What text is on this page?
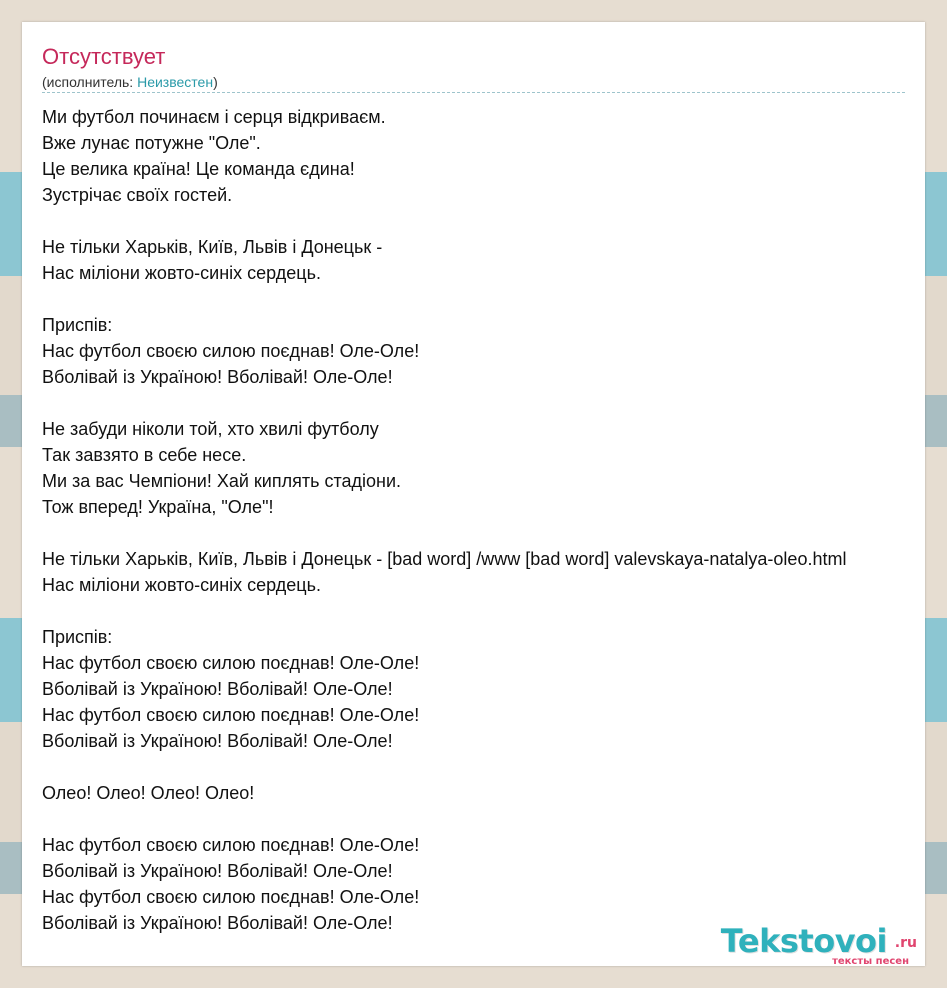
Отсутствует
(исполнитель: Неизвестен)
Ми футбол починаєм і серця відкриваєм.
Вже лунає потужне "Оле".
Це велика країна! Це команда єдина!
Зустрічає своїх гостей.

Не тільки Харьків, Київ, Львів і Донецьк -
Нас міліони жовто-синіх сердець.

Приспів:
Нас футбол своєю силою поєднав! Оле-Оле!
Вболівай із Україною! Вболівай! Оле-Оле!

Не забуди ніколи той, хто хвилі футболу
Так завзято в себе несе.
Ми за вас Чемпіони! Хай киплять стадіони.
Тож вперед! Україна, "Оле"!

Не тільки Харьків, Київ, Львів і Донецьк - [bad word] /www [bad word] valevskaya-natalya-oleo.html
Нас міліони жовто-синіх сердець.

Приспів:
Нас футбол своєю силою поєднав! Оле-Оле!
Вболівай із Україною! Вболівай! Оле-Оле!
Нас футбол своєю силою поєднав! Оле-Оле!
Вболівай із Україною! Вболівай! Оле-Оле!

Олео! Олео! Олео! Олео!

Нас футбол своєю силою поєднав! Оле-Оле!
Вболівай із Україною! Вболівай! Оле-Оле!
Нас футбол своєю силою поєднав! Оле-Оле!
Вболівай із Україною! Вболівай! Оле-Оле!	Tekstovoi .ru
тексты песен
